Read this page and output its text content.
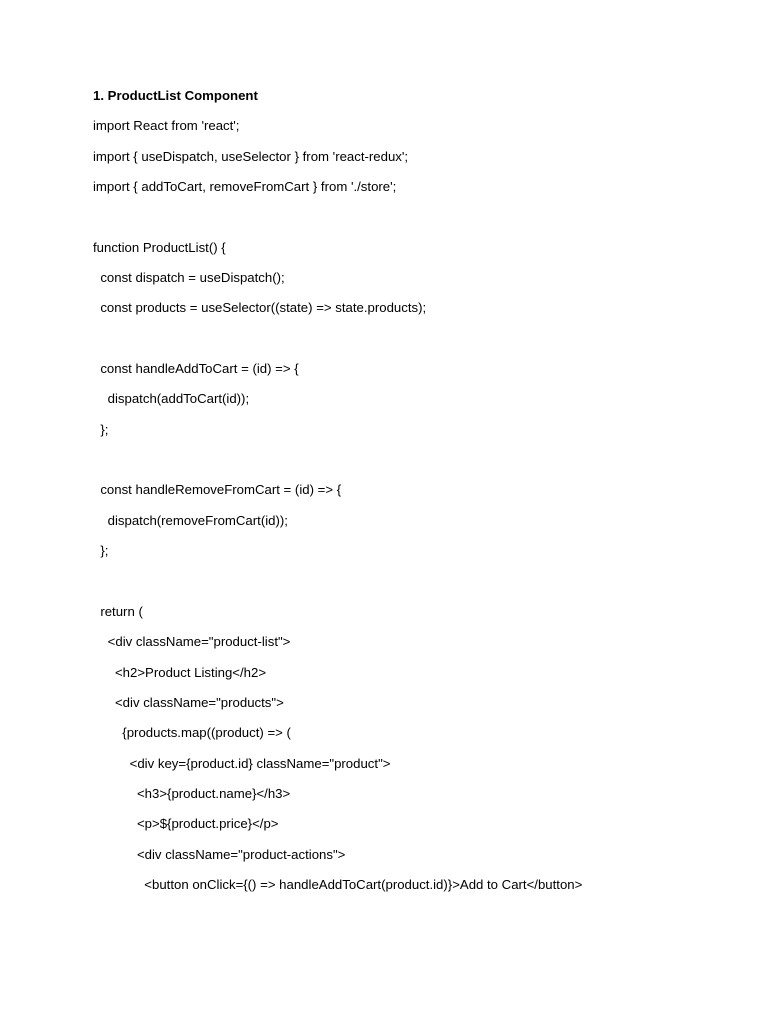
1. ProductList Component
import React from 'react';
import { useDispatch, useSelector } from 'react-redux';
import { addToCart, removeFromCart } from './store';
function ProductList() {
const dispatch = useDispatch();
const products = useSelector((state) => state.products);
const handleAddToCart = (id) => {
dispatch(addToCart(id));
};
const handleRemoveFromCart = (id) => {
dispatch(removeFromCart(id));
};
return (
<div className="product-list">
<h2>Product Listing</h2>
<div className="products">
{products.map((product) => (
<div key={product.id} className="product">
<h3>{product.name}</h3>
<p>${product.price}</p>
<div className="product-actions">
<button onClick={() => handleAddToCart(product.id)}>Add to Cart</button>
